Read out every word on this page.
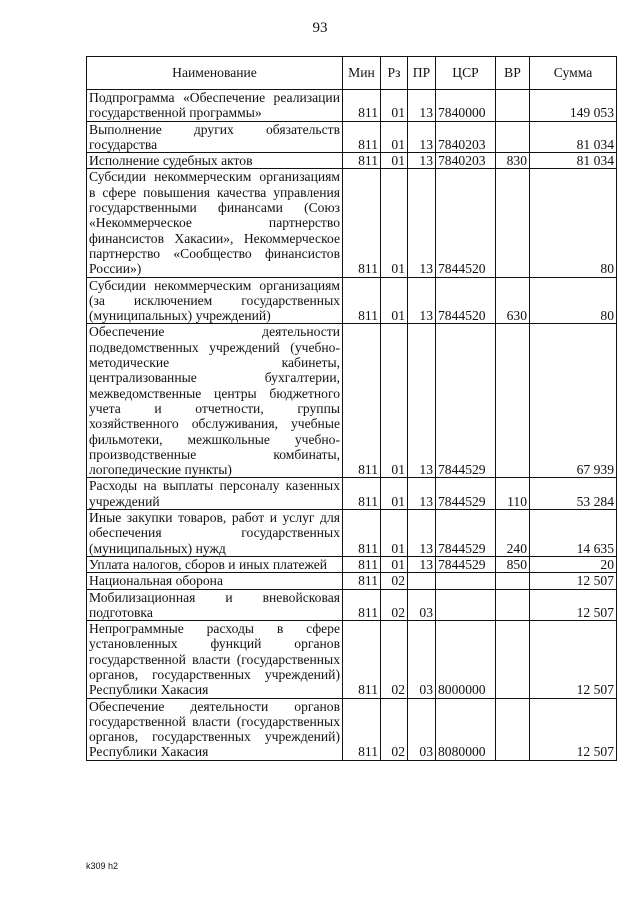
93
Наименование	Мин	Рз	ПР	ЦСР	ВР	Сумма
Подпрограмма «Обеспечение реализации государственной программы»	811	01	13	7840000		149 053
Выполнение других обязательств государства	811	01	13	7840203		81 034
Исполнение судебных актов	811	01	13	7840203	830	81 034
Субсидии некоммерческим организациям в сфере повышения качества управления государственными финансами (Союз «Некоммерческое партнерство финансистов Хакасии», Некоммерческое партнерство «Сообщество финансистов России»)	811	01	13	7844520		80
Субсидии некоммерческим организациям (за исключением государственных (муниципальных) учреждений)	811	01	13	7844520	630	80
Обеспечение деятельности подведомственных учреждений (учебно-методические кабинеты, централизованные бухгалтерии, межведомственные центры бюджетного учета и отчетности, группы хозяйственного обслуживания, учебные фильмотеки, межшкольные учебно-производственные комбинаты, логопедические пункты)	811	01	13	7844529		67 939
Расходы на выплаты персоналу казенных учреждений	811	01	13	7844529	110	53 284
Иные закупки товаров, работ и услуг для обеспечения государственных (муниципальных) нужд	811	01	13	7844529	240	14 635
Уплата налогов, сборов и иных платежей	811	01	13	7844529	850	20
Национальная оборона	811	02				12 507
Мобилизационная и вневойсковая подготовка	811	02	03			12 507
Непрограммные расходы в сфере установленных функций органов государственной власти (государственных органов, государственных учреждений) Республики Хакасия	811	02	03	8000000		12 507
Обеспечение деятельности органов государственной власти (государственных органов, государственных учреждений) Республики Хакасия	811	02	03	8080000		12 507
k309 h2
